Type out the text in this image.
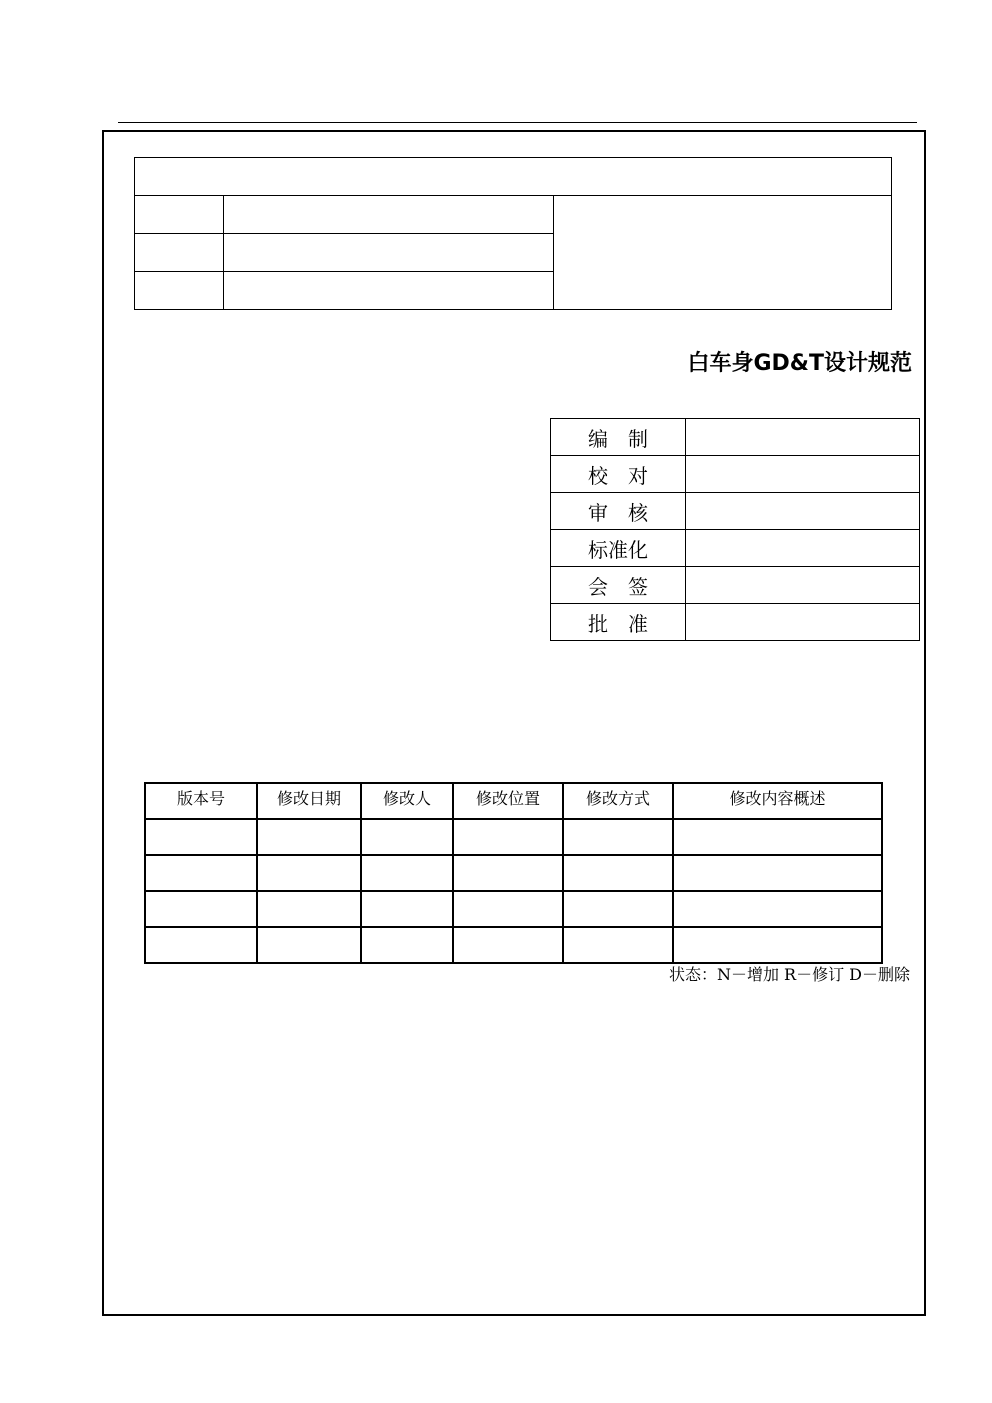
白车身GD&T设计规范
编　制	
校　对	
审　核	
标准化	
会　签	
批　准	
版本号	修改日期	修改人	修改位置	修改方式	修改内容概述

状态：N－增加 R－修订 D－删除
